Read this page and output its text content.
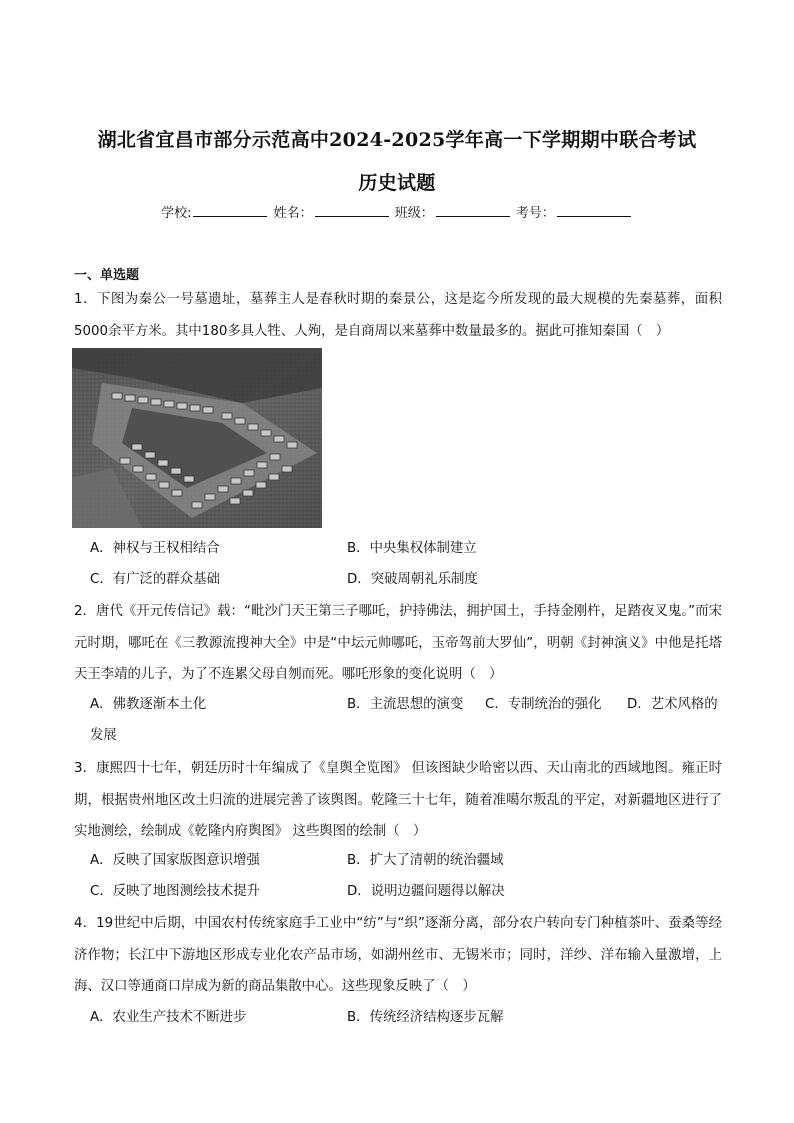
湖北省宜昌市部分示范高中2024-2025学年高一下学期期中联合考试
历史试题
学校:	姓名：	班级：	考号：
一、单选题
1．下图为秦公一号墓遗址，墓葬主人是春秋时期的秦景公，这是迄今所发现的最大规模的先秦墓葬，面积5000余平方米。其中180多具人牲、人殉，是自商周以来墓葬中数量最多的。据此可推知秦国（　）
A．神权与王权相结合	B．中央集权体制建立
C．有广泛的群众基础	D．突破周朝礼乐制度
2．唐代《开元传信记》载：“毗沙门天王第三子哪吒，护持佛法，拥护国土，手持金刚杵，足踏夜叉鬼。”而宋元时期，哪吒在《三教源流搜神大全》中是“中坛元帅哪吒，玉帝驾前大罗仙”，明朝《封神演义》中他是托塔天王李靖的儿子，为了不连累父母自刎而死。哪吒形象的变化说明（　）
A．佛教逐渐本土化	B．主流思想的演变 C．专制统治的强化 D．艺术风格的
发展
3．康熙四十七年，朝廷历时十年编成了《皇舆全览图》 但该图缺少哈密以西、天山南北的西域地图。雍正时期，根据贵州地区改土归流的进展完善了该舆图。乾隆三十七年，随着准噶尔叛乱的平定，对新疆地区进行了实地测绘，绘制成《乾隆内府舆图》 这些舆图的绘制（　）
A．反映了国家版图意识增强	B．扩大了清朝的统治疆域
C．反映了地图测绘技术提升	D．说明边疆问题得以解决
4．19世纪中后期，中国农村传统家庭手工业中“纺”与“织”逐渐分离，部分农户转向专门种植茶叶、蚕桑等经济作物；长江中下游地区形成专业化农产品市场，如湖州丝市、无锡米市；同时，洋纱、洋布输入量激增，上海、汉口等通商口岸成为新的商品集散中心。这些现象反映了（　）
A．农业生产技术不断进步	B．传统经济结构逐步瓦解
